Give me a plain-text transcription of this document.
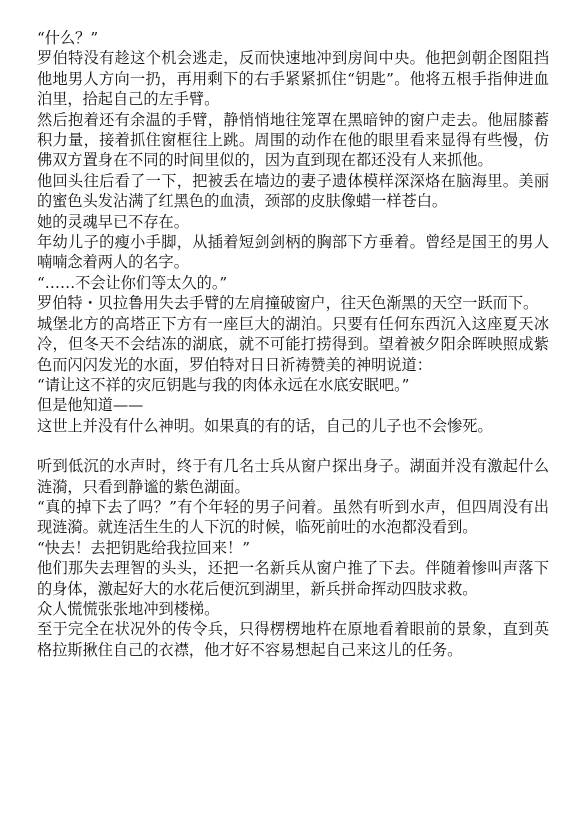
“什么？”

罗伯特没有趁这个机会逃走，反而快速地冲到房间中央。他把剑朝企图阻挡他地男人方向一扔，再用剩下的右手紧紧抓住“钥匙”。他将五根手指伸进血泊里，拾起自己的左手臂。

然后抱着还有余温的手臂，静悄悄地往笼罩在黑暗钟的窗户走去。他屈膝蓄积力量，接着抓住窗框往上跳。周围的动作在他的眼里看来显得有些慢，仿佛双方置身在不同的时间里似的，因为直到现在都还没有人来抓他。

他回头往后看了一下，把被丢在墙边的妻子遗体模样深深烙在脑海里。美丽的蜜色头发沾满了红黑色的血渍，颈部的皮肤像蜡一样苍白。

她的灵魂早已不存在。

年幼儿子的瘦小手脚，从插着短剑剑柄的胸部下方垂着。曾经是国王的男人喃喃念着两人的名字。

“……不会让你们等太久的。”

罗伯特・贝拉鲁用失去手臂的左肩撞破窗户，往天色渐黑的天空一跃而下。

城堡北方的高塔正下方有一座巨大的湖泊。只要有任何东西沉入这座夏天冰冷，但冬天不会结冻的湖底，就不可能打捞得到。望着被夕阳余晖映照成紫色而闪闪发光的水面，罗伯特对日日祈祷赞美的神明说道：

“请让这不祥的灾厄钥匙与我的肉体永远在水底安眠吧。”

但是他知道——

这世上并没有什么神明。如果真的有的话，自己的儿子也不会惨死。

听到低沉的水声时，终于有几名士兵从窗户探出身子。湖面并没有激起什么涟漪，只看到静谧的紫色湖面。

“真的掉下去了吗？”有个年轻的男子问着。虽然有听到水声，但四周没有出现涟漪。就连活生生的人下沉的时候，临死前吐的水泡都没看到。

“快去！去把钥匙给我拉回来！”

他们那失去理智的头头，还把一名新兵从窗户推了下去。伴随着惨叫声落下的身体，激起好大的水花后便沉到湖里，新兵拼命挥动四肢求救。

众人慌慌张张地冲到楼梯。

至于完全在状况外的传令兵，只得楞楞地杵在原地看着眼前的景象，直到英格拉斯揪住自己的衣襟，他才好不容易想起自己来这儿的任务。
